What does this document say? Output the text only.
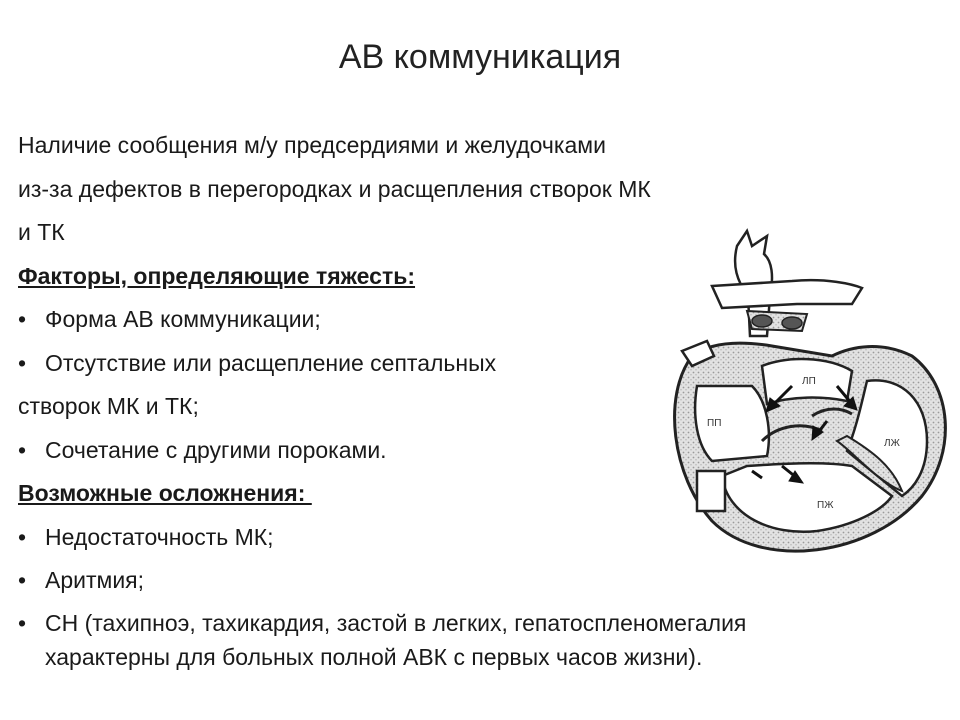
АВ коммуникация
Наличие сообщения м/у предсердиями и желудочками
из-за дефектов в перегородках и расщепления створок МК
и ТК
Факторы, определяющие тяжесть:
• Форма АВ коммуникации;
• Отсутствие или расщепление септальных
створок МК и ТК;
• Сочетание с другими пороками.
Возможные осложнения:
• Недостаточность МК;
• Аритмия;
• СН (тахипноэ, тахикардия, застой в легких, гепатоспленомегалия
характерны для больных полной АВК с первых часов жизни).
ЛП
ПП
ЛЖ
ПЖ
